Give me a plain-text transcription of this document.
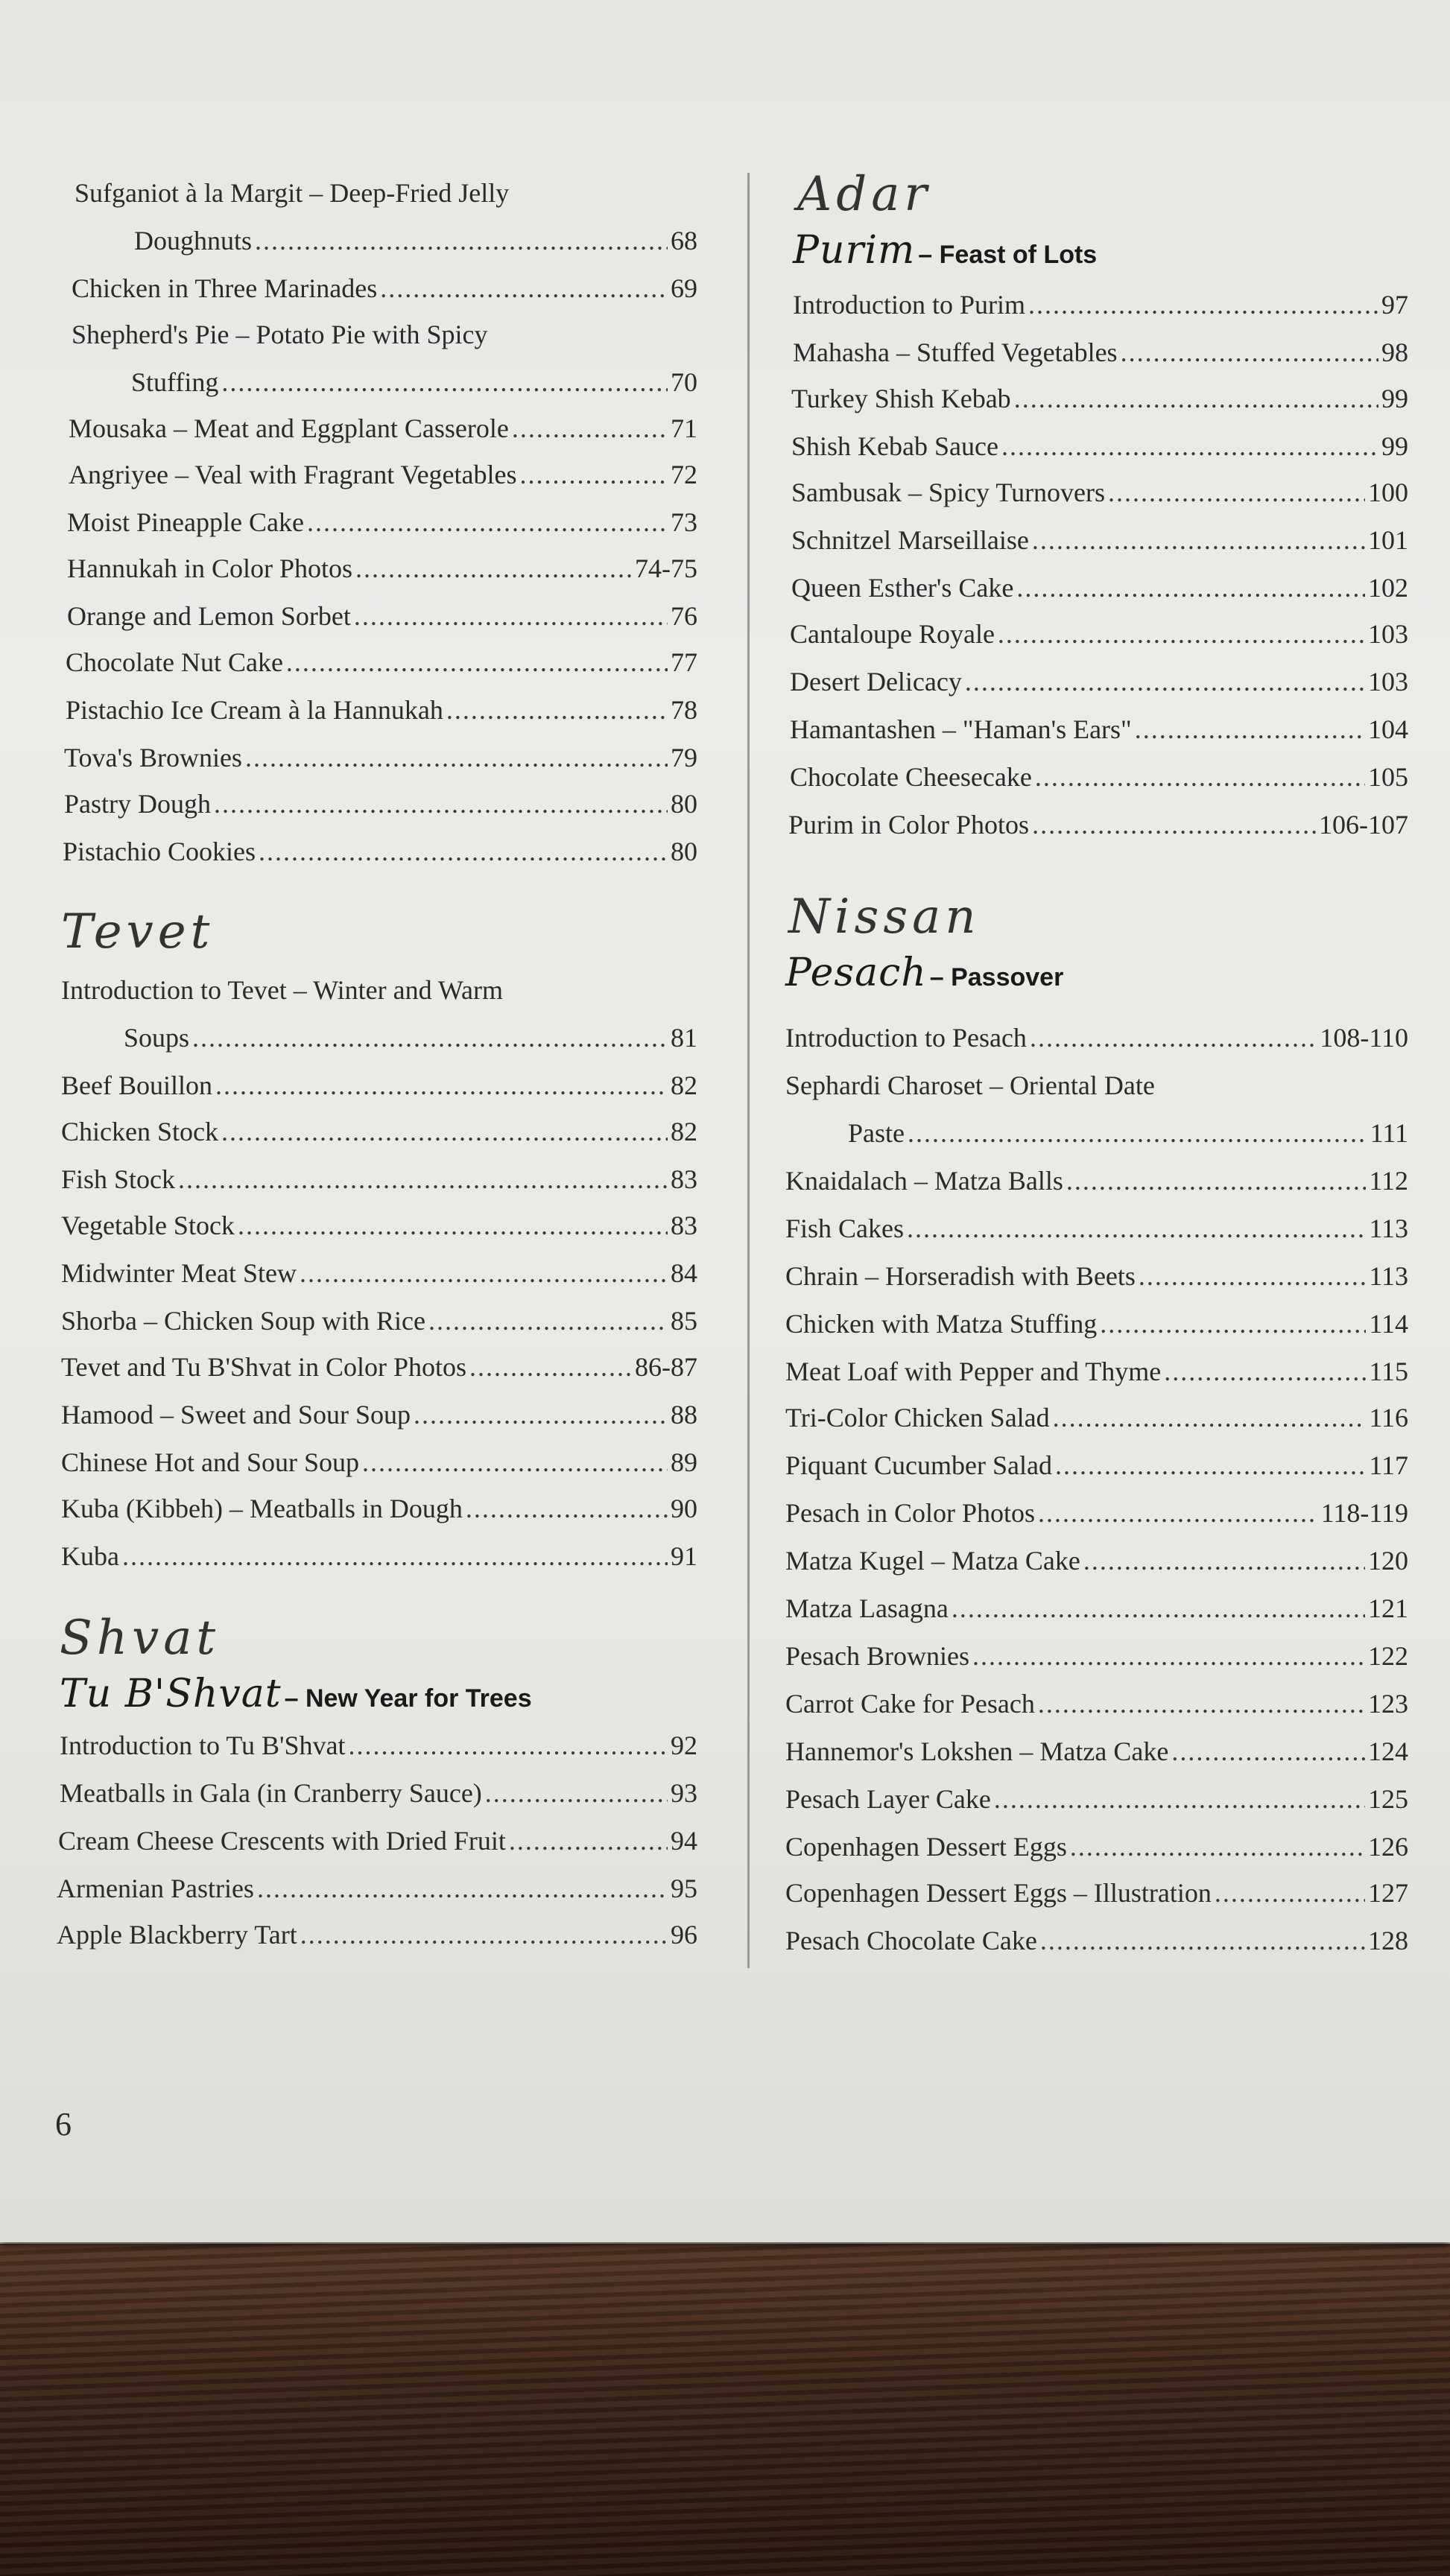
Sufganiot à la Margit – Deep-Fried Jelly
Doughnuts .....	68
Chicken in Three Marinades .....	69
Shepherd's Pie – Potato Pie with Spicy
Stuffing .....	70
Mousaka – Meat and Eggplant Casserole .....	71
Angriyee – Veal with Fragrant Vegetables .....	72
Moist Pineapple Cake .....	73
Hannukah in Color Photos .....	74-75
Orange and Lemon Sorbet .....	76
Chocolate Nut Cake .....	77
Pistachio Ice Cream à la Hannukah .....	78
Tova's Brownies .....	79
Pastry Dough .....	80
Pistachio Cookies .....	80
Tevet
Introduction to Tevet – Winter and Warm
Soups .....	81
Beef Bouillon .....	82
Chicken Stock .....	82
Fish Stock .....	83
Vegetable Stock .....	83
Midwinter Meat Stew .....	84
Shorba – Chicken Soup with Rice .....	85
Tevet and Tu B'Shvat in Color Photos .....	86-87
Hamood – Sweet and Sour Soup .....	88
Chinese Hot and Sour Soup .....	89
Kuba (Kibbeh) – Meatballs in Dough .....	90
Kuba .....	91
Shvat
Tu B'Shvat – New Year for Trees
Introduction to Tu B'Shvat .....	92
Meatballs in Gala (in Cranberry Sauce) .....	93
Cream Cheese Crescents with Dried Fruit .....	94
Armenian Pastries .....	95
Apple Blackberry Tart .....	96
Adar
Purim – Feast of Lots
Introduction to Purim .....	97
Mahasha – Stuffed Vegetables .....	98
Turkey Shish Kebab .....	99
Shish Kebab Sauce .....	99
Sambusak – Spicy Turnovers .....	100
Schnitzel Marseillaise .....	101
Queen Esther's Cake .....	102
Cantaloupe Royale .....	103
Desert Delicacy .....	103
Hamantashen – "Haman's Ears" .....	104
Chocolate Cheesecake .....	105
Purim in Color Photos .....	106-107
Nissan
Pesach – Passover
Introduction to Pesach .....	108-110
Sephardi Charoset – Oriental Date
Paste .....	111
Knaidalach – Matza Balls .....	112
Fish Cakes .....	113
Chrain – Horseradish with Beets .....	113
Chicken with Matza Stuffing .....	114
Meat Loaf with Pepper and Thyme .....	115
Tri-Color Chicken Salad .....	116
Piquant Cucumber Salad .....	117
Pesach in Color Photos .....	118-119
Matza Kugel – Matza Cake .....	120
Matza Lasagna .....	121
Pesach Brownies .....	122
Carrot Cake for Pesach .....	123
Hannemor's Lokshen – Matza Cake .....	124
Pesach Layer Cake .....	125
Copenhagen Dessert Eggs .....	126
Copenhagen Dessert Eggs – Illustration .....	127
Pesach Chocolate Cake .....	128
6
